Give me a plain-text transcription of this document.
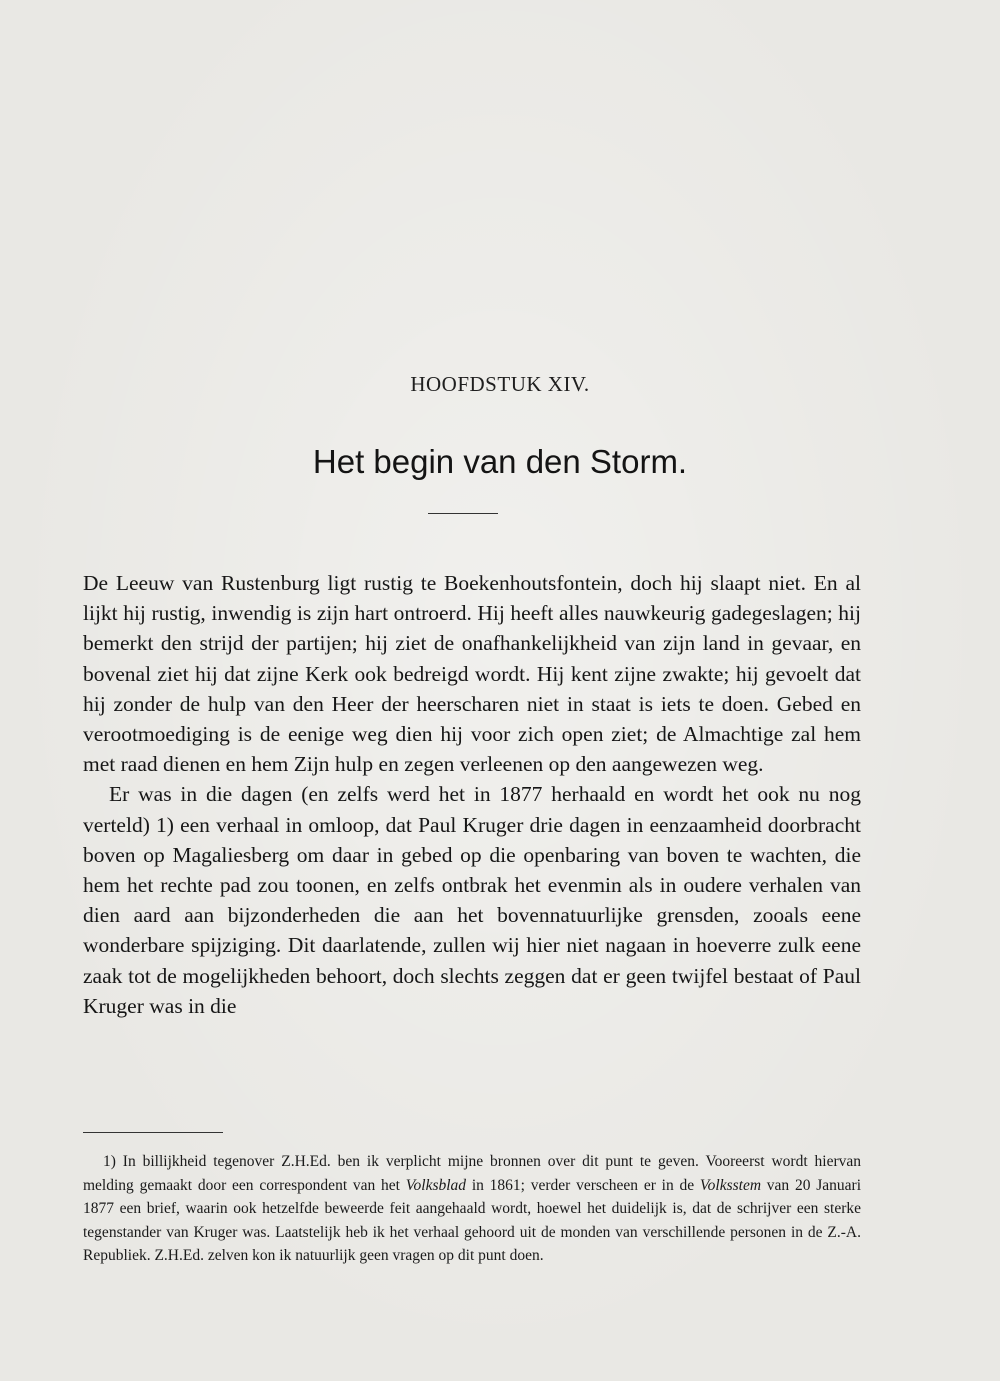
HOOFDSTUK XIV.
Het begin van den Storm.

De Leeuw van Rustenburg ligt rustig te Boekenhoutsfontein, doch hij slaapt niet. En al lijkt hij rustig, inwendig is zijn hart ontroerd. Hij heeft alles nauwkeurig gadegeslagen; hij bemerkt den strijd der partijen; hij ziet de onafhankelijkheid van zijn land in gevaar, en bovenal ziet hij dat zijne Kerk ook bedreigd wordt. Hij kent zijne zwakte; hij gevoelt dat hij zonder de hulp van den Heer der heerscharen niet in staat is iets te doen. Gebed en verootmoediging is de eenige weg dien hij voor zich open ziet; de Almachtige zal hem met raad dienen en hem Zijn hulp en zegen verleenen op den aangewezen weg.

Er was in die dagen (en zelfs werd het in 1877 herhaald en wordt het ook nu nog verteld) 1) een verhaal in omloop, dat Paul Kruger drie dagen in eenzaamheid doorbracht boven op Magaliesberg om daar in gebed op die openbaring van boven te wachten, die hem het rechte pad zou toonen, en zelfs ontbrak het evenmin als in oudere verhalen van dien aard aan bijzonderheden die aan het bovennatuurlijke grensden, zooals eene wonderbare spijziging. Dit daarlatende, zullen wij hier niet nagaan in hoeverre zulk eene zaak tot de mogelijkheden behoort, doch slechts zeggen dat er geen twijfel bestaat of Paul Kruger was in die

1) In billijkheid tegenover Z.H.Ed. ben ik verplicht mijne bronnen over dit punt te geven. Vooreerst wordt hiervan melding gemaakt door een correspondent van het Volksblad in 1861; verder verscheen er in de Volksstem van 20 Januari 1877 een brief, waarin ook hetzelfde beweerde feit aangehaald wordt, hoewel het duidelijk is, dat de schrijver een sterke tegenstander van Kruger was. Laatstelijk heb ik het verhaal gehoord uit de monden van verschillende personen in de Z.-A. Republiek. Z.H.Ed. zelven kon ik natuurlijk geen vragen op dit punt doen.
